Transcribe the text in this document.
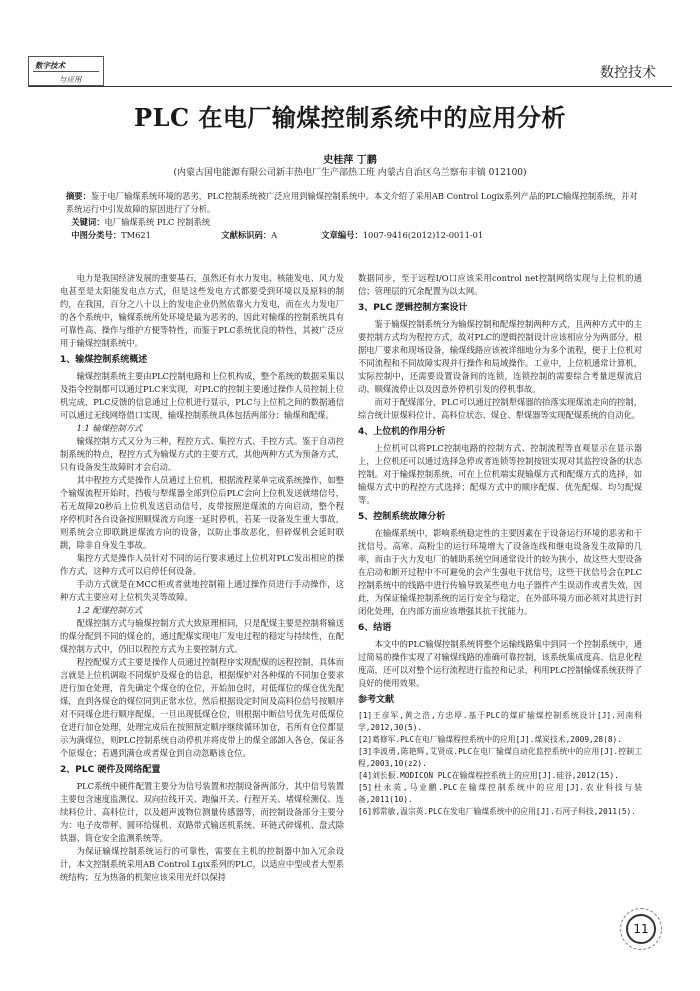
数字技术
与应用	数控技术
PLC 在电厂输煤控制系统中的应用分析
史桂萍 丁鹏
(内蒙古国电能源有限公司新丰热电厂生产部热工班 内蒙古自治区乌兰察布丰镇 012100)
摘要：鉴于电厂输煤系统环境的恶劣，PLC控制系统被广泛应用到输煤控制系统中。本文介绍了采用AB Control Logix系列产品的PLC输煤控制系统，并对系统运行中引发故障的原因进行了分析。
关键词：电厂输煤系统 PLC 控制系统
中图分类号：TM621	文献标识码：A	文章编号：1007-9416(2012)12-0011-01

电力是我国经济发展的重要基石，虽然还有水力发电、核能发电、风力发电甚至是太阳能发电点方式，但是这些发电方式都要受到环境以及原料的制约，在我国，百分之八十以上的发电企业仍然依靠火力发电，而在火力发电厂的各个系统中，输煤系统所处环境是最为恶劣的，因此对输煤的控制系统具有可靠性高、操作与维护方便等特性，而鉴于PLC系统优良的特性，其被广泛应用于输煤控制系统中。

1、输煤控制系统概述

输煤控制系统主要由PLC控制电路和上位机构成，整个系统的数据采集以及指令控制都可以通过PLC来实现，对PLC的控制主要通过操作人员控制上位机完成，PLC反馈的信息通过上位机进行显示，PLC与上位机之间的数据通信可以通过无线网络借口实现，输煤控制系统具体包括两部分：输煤和配煤。

1.1 输煤控制方式

输煤控制方式又分为三种，程控方式、集控方式、手控方式。鉴于自动控制系统的特点，程控方式为输煤方式的主要方式，其他两种方式为预备方式，只有设备发生故障时才会启动。

其中程控方式是操作人员通过上位机，根据流程菜单完成系统操作，如整个输煤流程开始时，挡板与犁煤器全部到位后PLC会向上位机发送就绪信号，若无故障20秒后上位机发送启动信号，皮带按照逆煤流的方向启动，整个程序停机时各台设备按照顺煤流方向逐一延时停机，若某一设备发生重大事故，则系统会立即联跳逆煤流方向的设备，以防止事故恶化，但碎煤机会延时联跳，除非自身发生事故。

集控方式是操作人员针对不同的运行要求通过上位机对PLC发出相应的操作方式，这种方式可以启停任何设备。

手动方式就是在MCC柜或者就地控制箱上通过操作员进行手动操作，这种方式主要应对上位机失灵等故障。

1.2 配煤控制方式

配煤控制方式与输煤控制方式大致原理相同，只是配煤主要是控制将输送的煤分配到不同的煤仓的，通过配煤实现电厂发电过程的稳定与持续性，在配煤控制方式中，仍旧以程控方式为主要控制方式。

程控配煤方式主要是操作人员通过控制程序实现配煤的远程控制，具体而言就是上位机调取不同煤炉及煤仓的信息，根据煤炉对各种煤的不同加仓要求进行加仓处理，首先确定个煤仓的仓位，开始加仓时，对低煤位的煤仓优先配煤，直到各煤仓的煤位同到正常水位，然后根据设定时间及高料位信号按顺序对不同煤仓进行顺序配煤，一旦出现低煤仓位，则根据中断信号优先对低煤位仓进行加仓处理，处理完成后在按照预定顺序继续循环加仓，若所有仓位都显示为满煤位，则PLC控制系统自动停机并将皮带上的煤全部卸入各仓，保证各个原煤仓；若遇到满仓或者煤仓到自动忽略该仓位。

2、PLC 硬件及网络配置

PLC系统中硬件配置主要分为信号装置和控制设备两部分，其中信号装置主要包含速度监测仪、双向拉线开关、跑偏开关、行程开关、堵煤检测仪、连续料位计、高料位计，以及超声波物位测量传感器等，而控制设备部分主要分为：电子皮带秤、圆环给煤机、双路带式输送机系统、环链式碎煤机、盘式除铁器、筒仓安全监测系统等。

为保证输煤控制系统运行的可靠性，需要在主机的控制器中加入冗余设计，本文控制系统采用AB Control Lgix系列的PLC，以适应中型或者大型系统结构；互为热备的机架应该采用光纤以保持

数据同步，至于远程I/O口应该采用control net控制网络实现与上位机的通信；管理层的冗余配置为以太网。

3、PLC 逻辑控制方案设计

鉴于输煤控制系统分为输煤控制和配煤控制两种方式，且两种方式中的主要控制方式均为程控方式，故对PLC的逻辑控制设计应该相应分为两部分。根据电厂要求和现场设备，输煤线路应该被详细地分为多个流程，便于上位机对不同流程和不同故障实现并行操作和局域操作。工业中，上位机通常计算机，实际控制中，还需要设置设备间的连锁，连锁控制的需要综合考量逆煤流启动、顺煤流停止以及因意外停机引发的停机事故。

而对于配煤部分，PLC可以通过控制犁煤器的抬落实现煤流走向的控制，综合统计原煤料位计、高料位状态、煤仓、犁煤器等实现配煤系统的自动化。

4、上位机的作用分析

上位机可以将PLC控制电路的控制方式、控制流程等直观显示在显示器上，上位机还可以通过选择急停或者连锁等控制按钮实现对其监控设备的状态控制。对于输煤控制系统，可在上位机端实现输煤方式和配煤方式的选择，如输煤方式中的程控方式选择；配煤方式中的顺序配煤、优先配煤、均匀配煤等。

5、控制系统故障分析

在输煤系统中，影响系统稳定性的主要因素在于设备运行环境的恶劣和干扰信号。高寒、高粉尘的运行环境增大了设备连线和继电设备发生故障的几率，而由于火力发电厂的辅助系统空间通常设计的较为狭小，故这些大型设备在启动和断开过程中不可避免的会产生强电干扰信号，这些干扰信号会在PLC控制系统中的线路中进行传输导致某些电力电子器件产生误动作或者失效，因此，为保证输煤控制系统的运行安全与稳定，在外部环境方面必须对其进行封闭化处理，在内部方面应该增强其抗干扰能力。

6、结语

本文中的PLC输煤控制系统将整个运输线路集中到同一个控制系统中，通过简易的操作实现了对输煤线路的准确可靠控制，该系统集成度高、信息化程度高，还可以对整个运行流程进行监控和记录，利用PLC控制输煤系统获得了良好的使用效果。

参考文献

[1]王彦军,黄之浩,方忠厚.基于PLC的煤矿输煤控制系统设计[J].河南科学,2012,30(5).

[2]葛修军.PLC在电厂输煤程控系统中的应用[J].煤炭技术,2009,28(8).

[3]李波勇,陈艳辉,艾贤成.PLC在电厂输煤自动化监控系统中的应用[J].控制工程,2003,10(z2).

[4]刘长振.MODICON PLC在输煤程控系统上的应用[J].硅谷,2012(15).

[5]杜永英,马业鹏.PLC在输煤控制系统中的应用[J].农业科技与装备,2011(10).

[6]郭常敏,温宗英.PLC在发电厂输煤系统中的应用[J].石河子科技,2011(5).

11
